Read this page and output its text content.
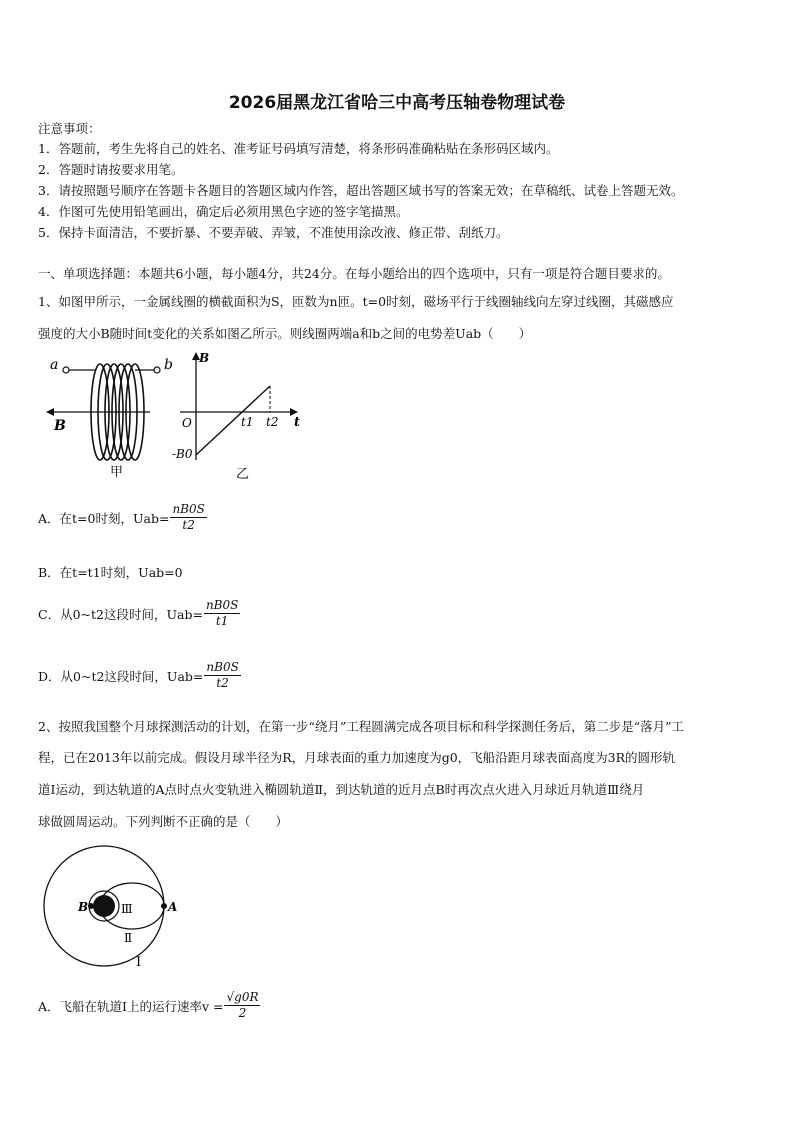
2026届黑龙江省哈三中高考压轴卷物理试卷
注意事项：
1．答题前，考生先将自己的姓名、准考证号码填写清楚，将条形码准确粘贴在条形码区域内。
2．答题时请按要求用笔。
3．请按照题号顺序在答题卡各题目的答题区域内作答，超出答题区域书写的答案无效；在草稿纸、试卷上答题无效。
4．作图可先使用铅笔画出，确定后必须用黑色字迹的签字笔描黑。
5．保持卡面清洁，不要折暴、不要弄破、弄皱，不准使用涂改液、修正带、刮纸刀。
一、单项选择题：本题共6小题，每小题4分，共24分。在每小题给出的四个选项中，只有一项是符合题目要求的。
1、如图甲所示，一金属线圈的横截面积为S，匝数为n匝。t=0时刻，磁场平行于线圈轴线向左穿过线圈，其磁感应
强度的大小B随时间t变化的关系如图乙所示。则线圈两端a和b之间的电势差Uab（　　）
a	b
B
甲
B
t
O
-B0
t1 t2
乙
A．在t=0时刻，$Uab= \frac{nB0S}{t2}$
B．在t=t1时刻，Uab=0
C．从0~t2这段时间，$Uab= \frac{nB0S}{t1}$
D．从0~t2这段时间，$Uab= \frac{nB0S}{t2}$
2、按照我国整个月球探测活动的计划，在第一步“绕月”工程圆满完成各项目标和科学探测任务后，第二步是“落月”工
程，已在2013年以前完成。假设月球半径为R，月球表面的重力加速度为g0，飞船沿距月球表面高度为3R的圆形轨
道Ⅰ运动，到达轨道的A点时点火变轨进入椭圆轨道Ⅱ，到达轨道的近月点B时再次点火进入月球近月轨道Ⅲ绕月
球做圆周运动。下列判断不正确的是（　　）
B	A
Ⅲ
Ⅱ
Ⅰ
A．飞船在轨道Ⅰ上的运行速率$v = \frac{√g0R}{2}$
